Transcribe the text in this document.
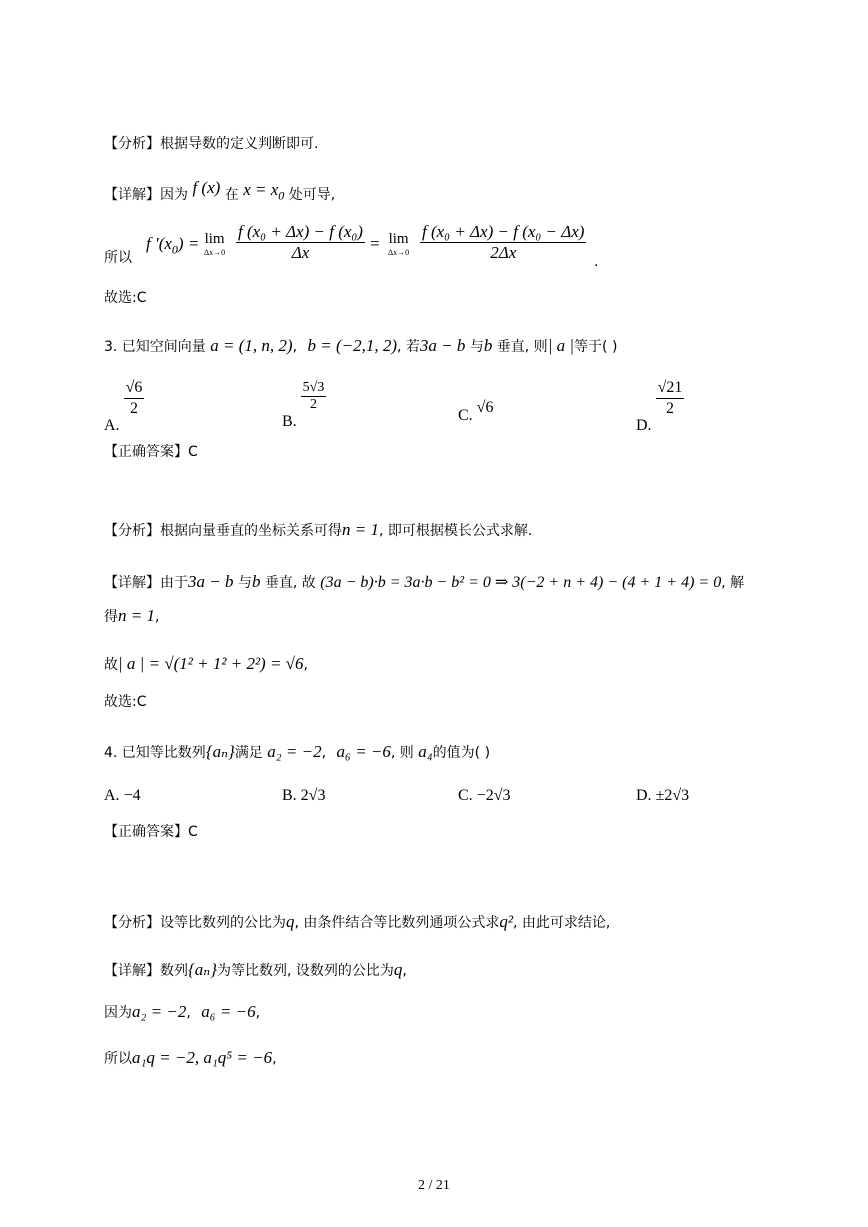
【分析】根据导数的定义判断即可.
【详解】因为 f (x) 在 $x = x_0$ 处可导,
所以
f $'(x_0) = \lim$
$\Delta x\to 0 \frac{\text{f (x₀ + Δx) − f (x₀)}}{\Delta x} = \lim$
$\Delta x\to 0 \frac{\text{f (x₀ + Δx) − f (x₀ − Δx)}}{2\Delta x}$ .
故选:C
3. 已知空间向量 a = (1, n, 2), b = (−2,1, 2), 若3a − b 与b 垂直, 则| a |等于( )
A.
$\frac{√6}{2}$
B.
$\frac{5√3}{2}$
C. √6
D.
$\frac{√21}{2}$
【正确答案】C
【分析】根据向量垂直的坐标关系可得n = 1, 即可根据模长公式求解.
【详解】由于3a − b 与b 垂直, 故 (3a − b)·b = 3a·b − b² = 0 ⇒ 3(−2 + n + 4) − (4 + 1 + 4) = 0, 解
得n = 1,
故| a | = √(1² + 1² + 2²) = √6,
故选:C
4. 已知等比数列{aₙ}满足 a₂ = −2, a₆ = −6, 则 a₄的值为( )
A. −4	B. 2√3	C. −2√3	D. ±2√3
【正确答案】C
【分析】设等比数列的公比为q, 由条件结合等比数列通项公式求q², 由此可求结论,
【详解】数列{aₙ}为等比数列, 设数列的公比为q,
因为a₂ = −2, a₆ = −6,
所以a₁q = −2, a₁q⁵ = −6,
2 / 21
